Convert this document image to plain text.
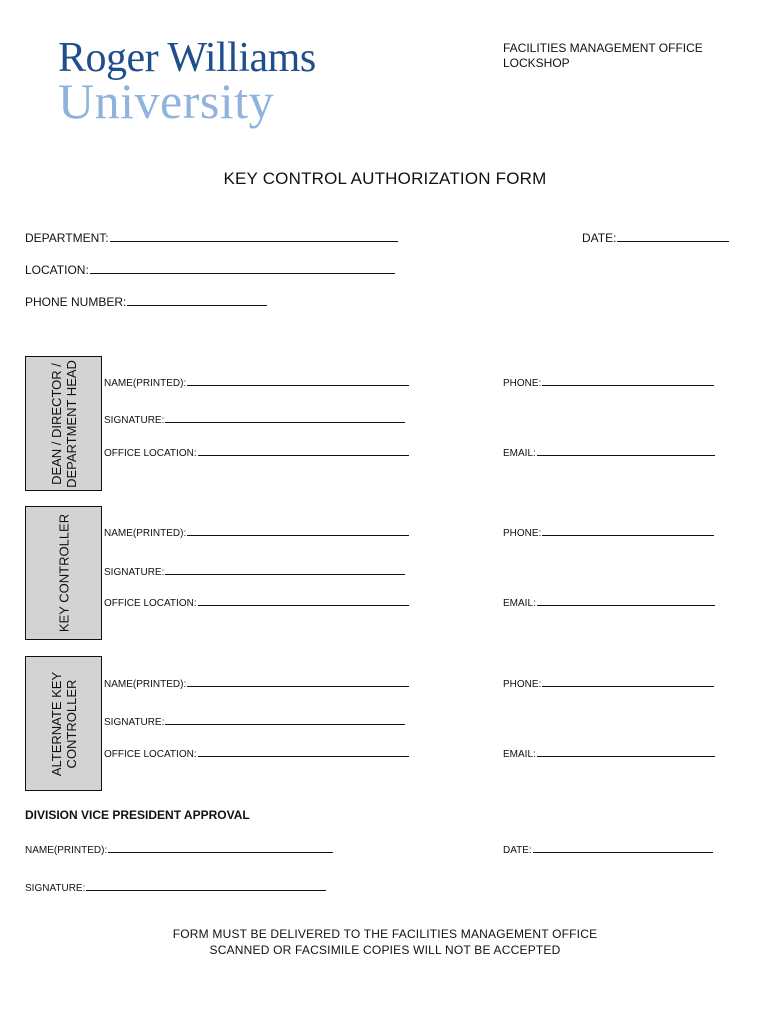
Roger Williams
University
FACILITIES MANAGEMENT OFFICE
LOCKSHOP
KEY CONTROL AUTHORIZATION FORM
DEPARTMENT:	DATE:
LOCATION:
PHONE NUMBER:
DEAN / DIRECTOR / DEPARTMENT HEAD	NAME(PRINTED):	PHONE:
SIGNATURE:
OFFICE LOCATION:	EMAIL:
KEY CONTROLLER	NAME(PRINTED):	PHONE:
SIGNATURE:
OFFICE LOCATION:	EMAIL:
ALTERNATE KEY CONTROLLER	NAME(PRINTED):	PHONE:
SIGNATURE:
OFFICE LOCATION:	EMAIL:
DIVISION VICE PRESIDENT APPROVAL
NAME(PRINTED):	DATE:
SIGNATURE:
FORM MUST BE DELIVERED TO THE FACILITIES MANAGEMENT OFFICE
SCANNED OR FACSIMILE COPIES WILL NOT BE ACCEPTED
